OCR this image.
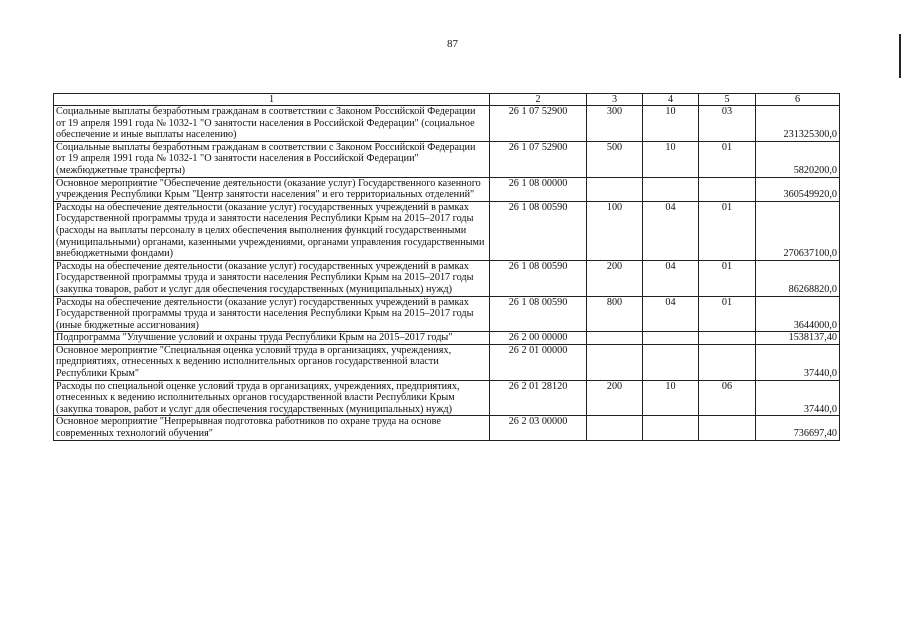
87
1	2	3	4	5	6
Социальные выплаты безработным гражданам в соответствии с Законом Российской Федерации от 19 апреля 1991 года № 1032-1 "О занятости населения в Российской Федерации" (социальное обеспечение и иные выплаты населению)	26 1 07 52900	300	10	03	231325300,0
Социальные выплаты безработным гражданам в соответствии с Законом Российской Федерации от 19 апреля 1991 года № 1032-1 "О занятости населения в Российской Федерации" (межбюджетные трансферты)	26 1 07 52900	500	10	01	5820200,0
Основное мероприятие "Обеспечение деятельности (оказание услуг) Государственного казенного учреждения Республики Крым "Центр занятости населения" и его территориальных отделений"	26 1 08 00000				360549920,0
Расходы на обеспечение деятельности (оказание услуг) государственных учреждений в рамках Государственной программы труда и занятости населения Республики Крым на 2015–2017 годы (расходы на выплаты персоналу в целях обеспечения выполнения функций государственными (муниципальными) органами, казенными учреждениями, органами управления государственными внебюджетными фондами)	26 1 08 00590	100	04	01	270637100,0
Расходы на обеспечение деятельности (оказание услуг) государственных учреждений в рамках Государственной программы труда и занятости населения Республики Крым на 2015–2017 годы (закупка товаров, работ и услуг для обеспечения государственных (муниципальных) нужд)	26 1 08 00590	200	04	01	86268820,0
Расходы на обеспечение деятельности (оказание услуг) государственных учреждений в рамках Государственной программы труда и занятости населения Республики Крым на 2015–2017 годы (иные бюджетные ассигнования)	26 1 08 00590	800	04	01	3644000,0
Подпрограмма "Улучшение условий и охраны труда Республики Крым на 2015–2017 годы"	26 2 00 00000				1538137,40
Основное мероприятие "Специальная оценка условий труда в организациях, учреждениях, предприятиях, отнесенных к ведению исполнительных органов государственной власти Республики Крым"	26 2 01 00000				37440,0
Расходы по специальной оценке условий труда в организациях, учреждениях, предприятиях, отнесенных к ведению исполнительных органов государственной власти Республики Крым (закупка товаров, работ и услуг для обеспечения государственных (муниципальных) нужд)	26 2 01 28120	200	10	06	37440,0
Основное мероприятие "Непрерывная подготовка работников по охране труда на основе современных технологий обучения"	26 2 03 00000				736697,40
